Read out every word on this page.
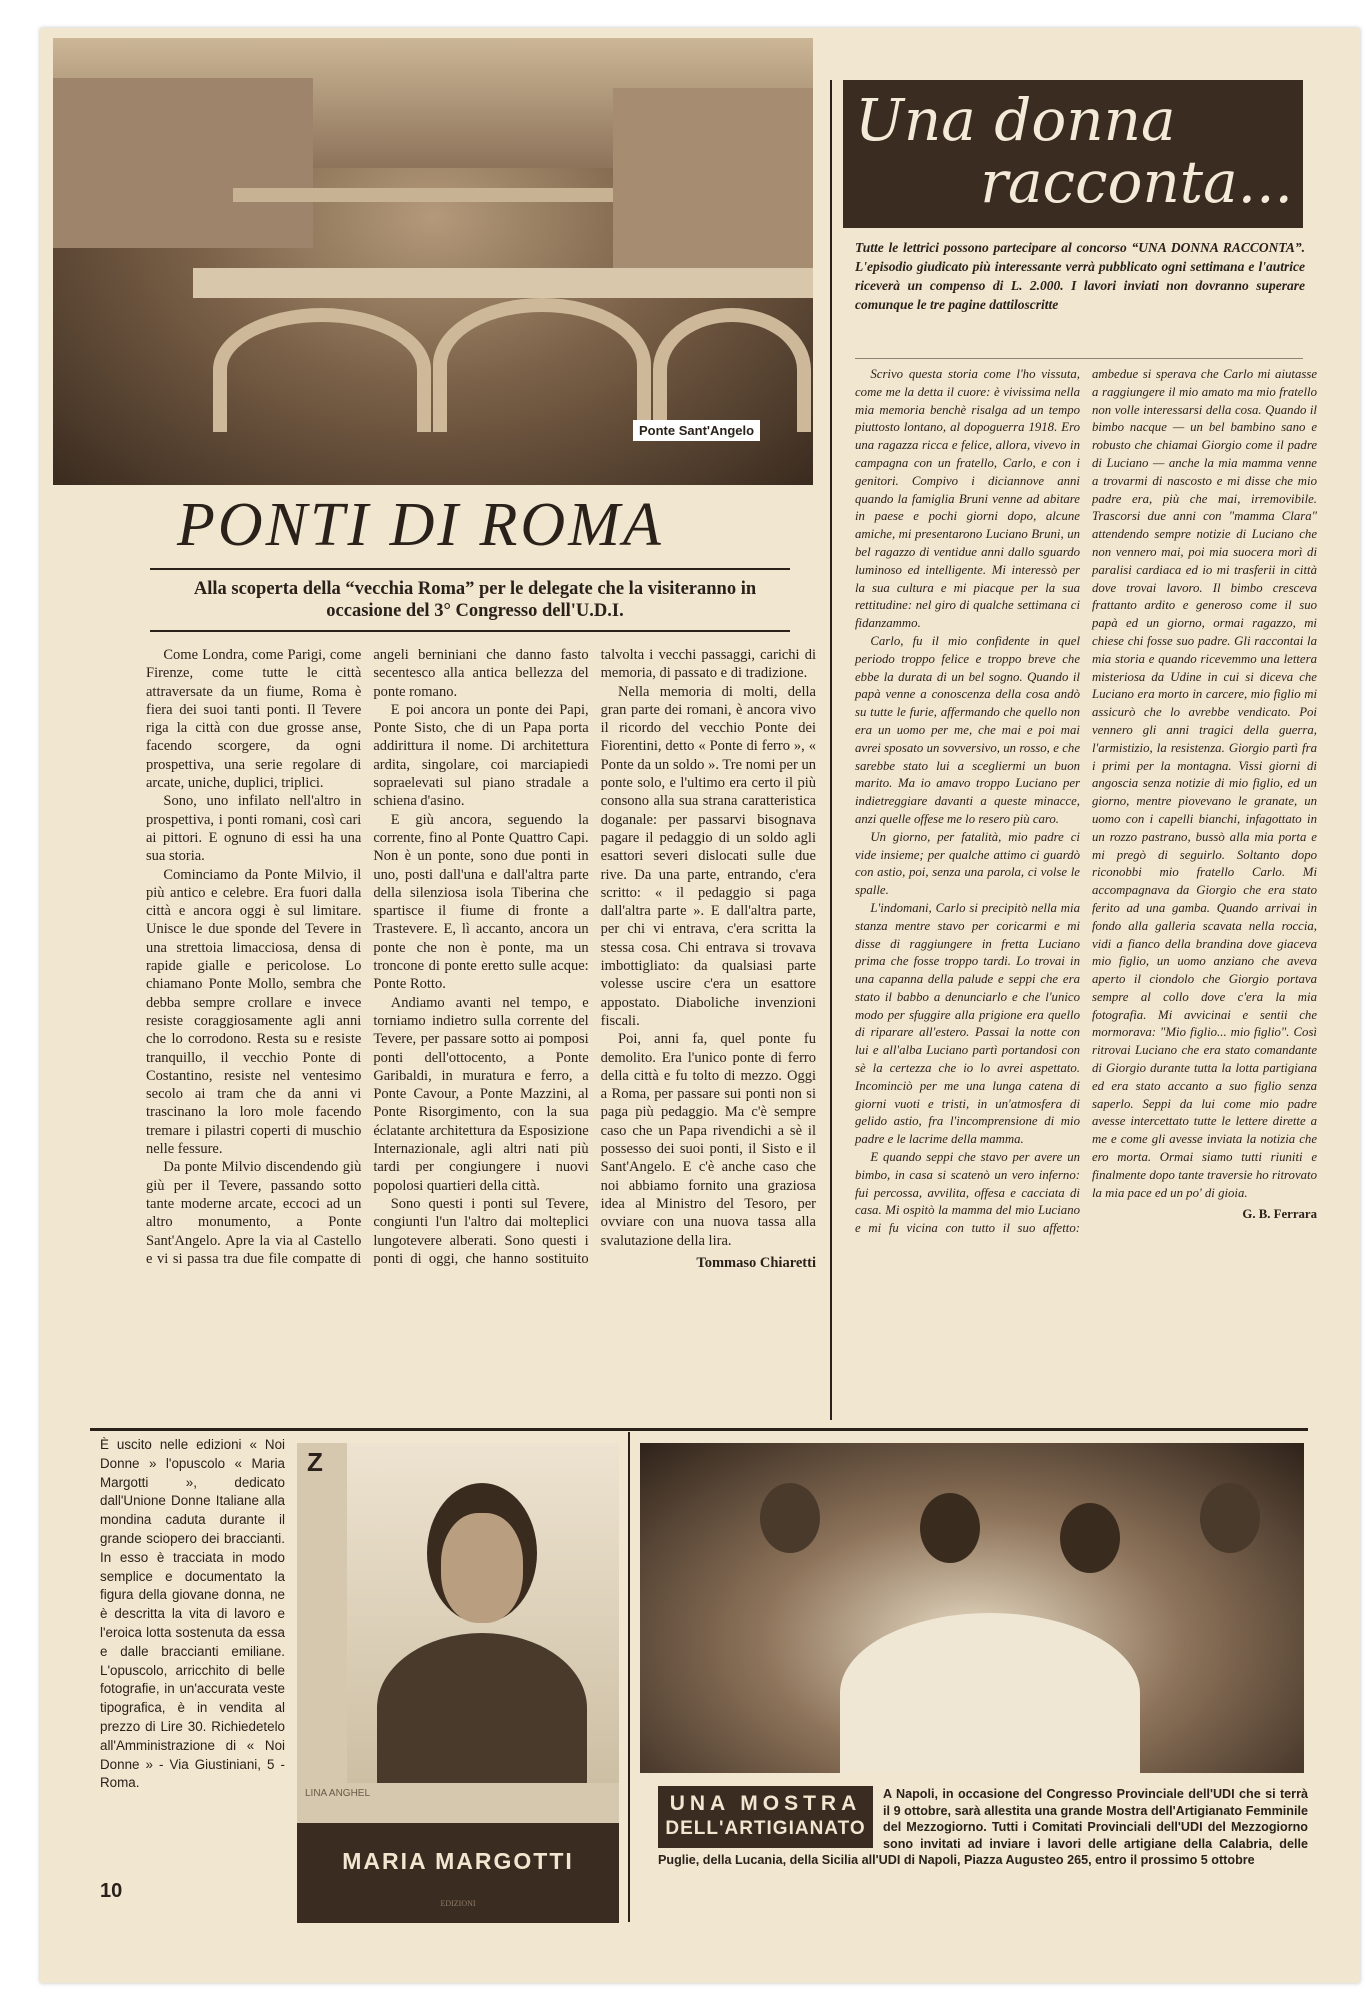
Ponte Sant'Angelo
PONTI DI ROMA
Alla scoperta della “vecchia Roma” per le delegate che la visiteranno in occasione del 3° Congresso dell'U.D.I.

Come Londra, come Parigi, come Firenze, come tutte le città attraversate da un fiume, Roma è fiera dei suoi tanti ponti. Il Tevere riga la città con due grosse anse, facendo scorgere, da ogni prospettiva, una serie regolare di arcate, uniche, duplici, triplici.

Sono, uno infilato nell'altro in prospettiva, i ponti romani, così cari ai pittori. E ognuno di essi ha una sua storia.

Cominciamo da Ponte Milvio, il più antico e celebre. Era fuori dalla città e ancora oggi è sul limitare. Unisce le due sponde del Tevere in una strettoia limacciosa, densa di rapide gialle e pericolose. Lo chiamano Ponte Mollo, sembra che debba sempre crollare e invece resiste coraggiosamente agli anni che lo corrodono. Resta su e resiste tranquillo, il vecchio Ponte di Costantino, resiste nel ventesimo secolo ai tram che da anni vi trascinano la loro mole facendo tremare i pilastri coperti di muschio nelle fessure.

Da ponte Milvio discendendo giù giù per il Tevere, passando sotto tante moderne arcate, eccoci ad un altro monumento, a Ponte Sant'Angelo. Apre la via al Castello e vi si passa tra due file compatte di angeli berniniani che danno fasto secentesco alla antica bellezza del ponte romano.

E poi ancora un ponte dei Papi, Ponte Sisto, che di un Papa porta addirittura il nome. Di architettura ardita, singolare, coi marciapiedi sopraelevati sul piano stradale a schiena d'asino.

E giù ancora, seguendo la corrente, fino al Ponte Quattro Capi. Non è un ponte, sono due ponti in uno, posti dall'una e dall'altra parte della silenziosa isola Tiberina che spartisce il fiume di fronte a Trastevere. E, lì accanto, ancora un ponte che non è ponte, ma un troncone di ponte eretto sulle acque: Ponte Rotto.

Andiamo avanti nel tempo, e torniamo indietro sulla corrente del Tevere, per passare sotto ai pomposi ponti dell'ottocento, a Ponte Garibaldi, in muratura e ferro, a Ponte Cavour, a Ponte Mazzini, al Ponte Risorgimento, con la sua éclatante architettura da Esposizione Internazionale, agli altri nati più tardi per congiungere i nuovi popolosi quartieri della città.

Sono questi i ponti sul Tevere, congiunti l'un l'altro dai molteplici lungotevere alberati. Sono questi i ponti di oggi, che hanno sostituito talvolta i vecchi passaggi, carichi di memoria, di passato e di tradizione.

Nella memoria di molti, della gran parte dei romani, è ancora vivo il ricordo del vecchio Ponte dei Fiorentini, detto « Ponte di ferro », « Ponte da un soldo ». Tre nomi per un ponte solo, e l'ultimo era certo il più consono alla sua strana caratteristica doganale: per passarvi bisognava pagare il pedaggio di un soldo agli esattori severi dislocati sulle due rive. Da una parte, entrando, c'era scritto: « il pedaggio si paga dall'altra parte ». E dall'altra parte, per chi vi entrava, c'era scritta la stessa cosa. Chi entrava si trovava imbottigliato: da qualsiasi parte volesse uscire c'era un esattore appostato. Diaboliche invenzioni fiscali.

Poi, anni fa, quel ponte fu demolito. Era l'unico ponte di ferro della città e fu tolto di mezzo. Oggi a Roma, per passare sui ponti non si paga più pedaggio. Ma c'è sempre caso che un Papa rivendichi a sè il possesso dei suoi ponti, il Sisto e il Sant'Angelo. E c'è anche caso che noi abbiamo fornito una graziosa idea al Ministro del Tesoro, per ovviare con una nuova tassa alla svalutazione della lira.

Tommaso Chiaretti
Una donna
racconta...
Tutte le lettrici possono partecipare al concorso “UNA DONNA RACCONTA”. L'episodio giudicato più interessante verrà pubblicato ogni settimana e l'autrice riceverà un compenso di L. 2.000. I lavori inviati non dovranno superare comunque le tre pagine dattiloscritte

Scrivo questa storia come l'ho vissuta, come me la detta il cuore: è vivissima nella mia memoria benchè risalga ad un tempo piuttosto lontano, al dopoguerra 1918. Ero una ragazza ricca e felice, allora, vivevo in campagna con un fratello, Carlo, e con i genitori. Compivo i diciannove anni quando la famiglia Bruni venne ad abitare in paese e pochi giorni dopo, alcune amiche, mi presentarono Luciano Bruni, un bel ragazzo di ventidue anni dallo sguardo luminoso ed intelligente. Mi interessò per la sua cultura e mi piacque per la sua rettitudine: nel giro di qualche settimana ci fidanzammo.

Carlo, fu il mio confidente in quel periodo troppo felice e troppo breve che ebbe la durata di un bel sogno. Quando il papà venne a conoscenza della cosa andò su tutte le furie, affermando che quello non era un uomo per me, che mai e poi mai avrei sposato un sovversivo, un rosso, e che sarebbe stato lui a scegliermi un buon marito. Ma io amavo troppo Luciano per indietreggiare davanti a queste minacce, anzi quelle offese me lo resero più caro.

Un giorno, per fatalità, mio padre ci vide insieme; per qualche attimo ci guardò con astio, poi, senza una parola, ci volse le spalle.

L'indomani, Carlo si precipitò nella mia stanza mentre stavo per coricarmi e mi disse di raggiungere in fretta Luciano prima che fosse troppo tardi. Lo trovai in una capanna della palude e seppi che era stato il babbo a denunciarlo e che l'unico modo per sfuggire alla prigione era quello di riparare all'estero. Passai la notte con lui e all'alba Luciano partì portandosi con sè la certezza che io lo avrei aspettato. Incominciò per me una lunga catena di giorni vuoti e tristi, in un'atmosfera di gelido astio, fra l'incomprensione di mio padre e le lacrime della mamma.

E quando seppi che stavo per avere un bimbo, in casa si scatenò un vero inferno: fui percossa, avvilita, offesa e cacciata di casa. Mi ospitò la mamma del mio Luciano e mi fu vicina con tutto il suo affetto: ambedue si sperava che Carlo mi aiutasse a raggiungere il mio amato ma mio fratello non volle interessarsi della cosa. Quando il bimbo nacque — un bel bambino sano e robusto che chiamai Giorgio come il padre di Luciano — anche la mia mamma venne a trovarmi di nascosto e mi disse che mio padre era, più che mai, irremovibile. Trascorsi due anni con "mamma Clara" attendendo sempre notizie di Luciano che non vennero mai, poi mia suocera morì di paralisi cardiaca ed io mi trasferii in città dove trovai lavoro. Il bimbo cresceva frattanto ardito e generoso come il suo papà ed un giorno, ormai ragazzo, mi chiese chi fosse suo padre. Gli raccontai la mia storia e quando ricevemmo una lettera misteriosa da Udine in cui si diceva che Luciano era morto in carcere, mio figlio mi assicurò che lo avrebbe vendicato. Poi vennero gli anni tragici della guerra, l'armistizio, la resistenza. Giorgio partì fra i primi per la montagna. Vissi giorni di angoscia senza notizie di mio figlio, ed un giorno, mentre piovevano le granate, un uomo con i capelli bianchi, infagottato in un rozzo pastrano, bussò alla mia porta e mi pregò di seguirlo. Soltanto dopo riconobbi mio fratello Carlo. Mi accompagnava da Giorgio che era stato ferito ad una gamba. Quando arrivai in fondo alla galleria scavata nella roccia, vidi a fianco della brandina dove giaceva mio figlio, un uomo anziano che aveva aperto il ciondolo che Giorgio portava sempre al collo dove c'era la mia fotografia. Mi avvicinai e sentii che mormorava: "Mio figlio... mio figlio". Così ritrovai Luciano che era stato comandante di Giorgio durante tutta la lotta partigiana ed era stato accanto a suo figlio senza saperlo. Seppi da lui come mio padre avesse intercettato tutte le lettere dirette a me e come gli avesse inviata la notizia che ero morta. Ormai siamo tutti riuniti e finalmente dopo tante traversie ho ritrovato la mia pace ed un po' di gioia.

G. B. Ferrara
È uscito nelle edizioni « Noi Donne » l'opuscolo « Maria Margotti », dedicato dall'Unione Donne Italiane alla mondina caduta durante il grande sciopero dei braccianti. In esso è tracciata in modo semplice e documentato la figura della giovane donna, ne è descritta la vita di lavoro e l'eroica lotta sostenuta da essa e dalle braccianti emiliane. L'opuscolo, arricchito di belle fotografie, in un'accurata veste tipografica, è in vendita al prezzo di Lire 30. Richiedetelo all'Amministrazione di « Noi Donne » - Via Giustiniani, 5 - Roma.
Z
LINA ANGHEL
MARIA MARGOTTI
EDIZIONI
UNA MOSTRA
DELL'ARTIGIANATO
A Napoli, in occasione del Congresso Provinciale dell'UDI che si terrà il 9 ottobre, sarà allestita una grande Mostra dell'Artigianato Femminile del Mezzogiorno. Tutti i Comitati Provinciali dell'UDI del Mezzogiorno sono invitati ad inviare i lavori delle artigiane della Calabria, delle Puglie, della Lucania, della Sicilia all'UDI di Napoli, Piazza Augusteo 265, entro il prossimo 5 ottobre
10
